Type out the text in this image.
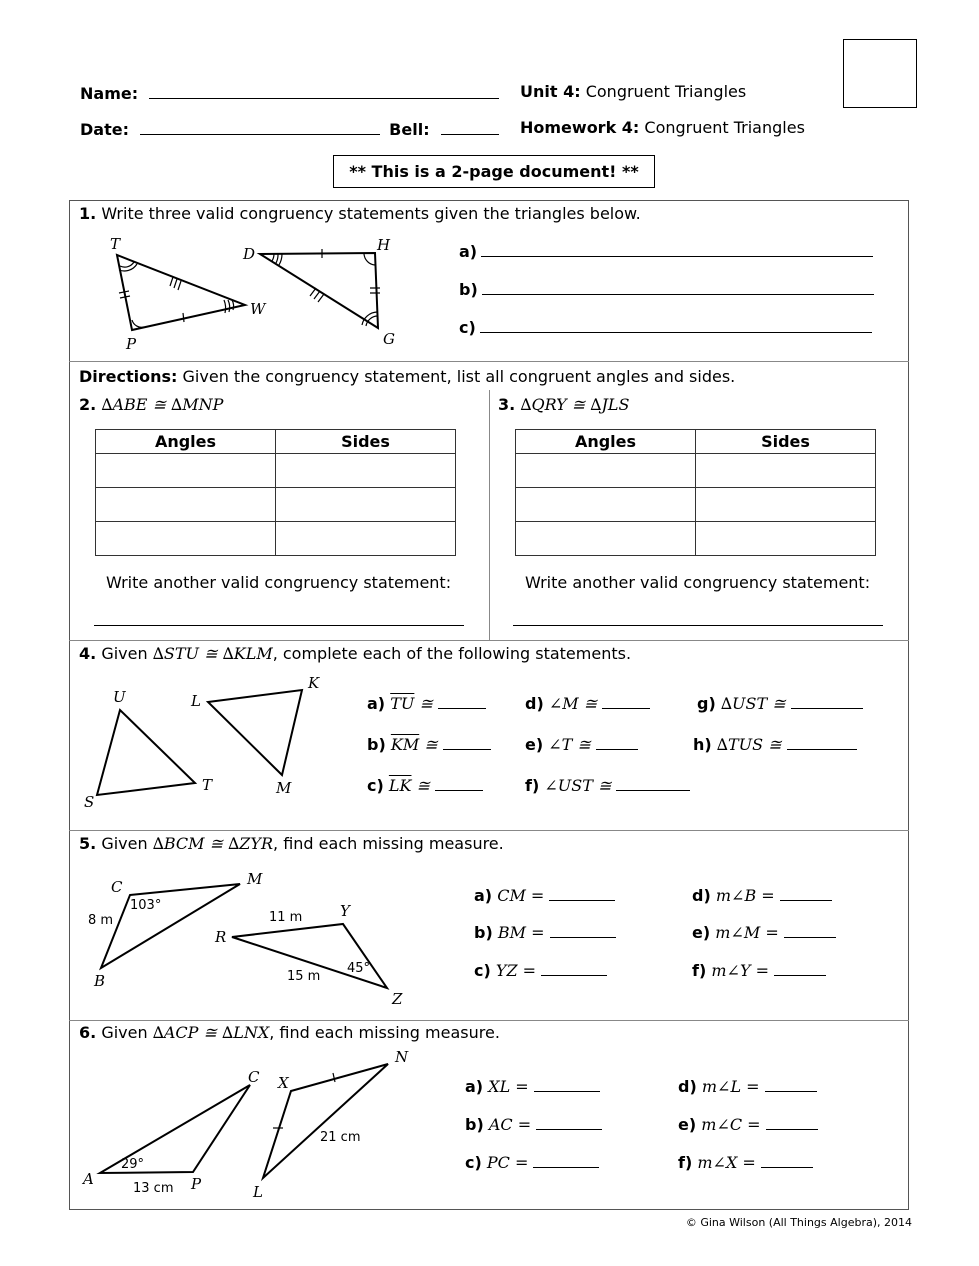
Name:
Date:	Bell:
Unit 4: Congruent Triangles
Homework 4: Congruent Triangles
** This is a 2-page document! **
1. Write three valid congruency statements given the triangles below.
a)
b)
c)
T
P
W
D	H
G
Directions: Given the congruency statement, list all congruent angles and sides.
2. ∆ABE ≅ ∆MNP
Angles	Sides

Write another valid congruency statement:
3. ∆QRY ≅ ∆JLS
Angles	Sides

Write another valid congruency statement:
4. Given ∆STU ≅ ∆KLM, complete each of the following statements.
U	L
K
S
T	M
a) $\overline{TU}$ ≅
b) $\overline{KM}$ ≅
c) $\overline{LK}$ ≅
d) ∠M ≅
e) ∠T ≅
f) ∠UST ≅
g) ∆UST ≅
h) ∆TUS ≅
5. Given ∆BCM ≅ ∆ZYR, find each missing measure.
C	M
B
R
Y
Z
103°
8 m	11 m
15 m
45°
a) CM =
b) BM =
c) YZ =
d) m∠B =
e) m∠M =
f) m∠Y =
6. Given ∆ACP ≅ ∆LNX, find each missing measure.
A
C
P
X
N
L
29°
13 cm
21 cm
a) XL =
b) AC =
c) PC =
d) m∠L =
e) m∠C =
f) m∠X =
© Gina Wilson (All Things Algebra), 2014
